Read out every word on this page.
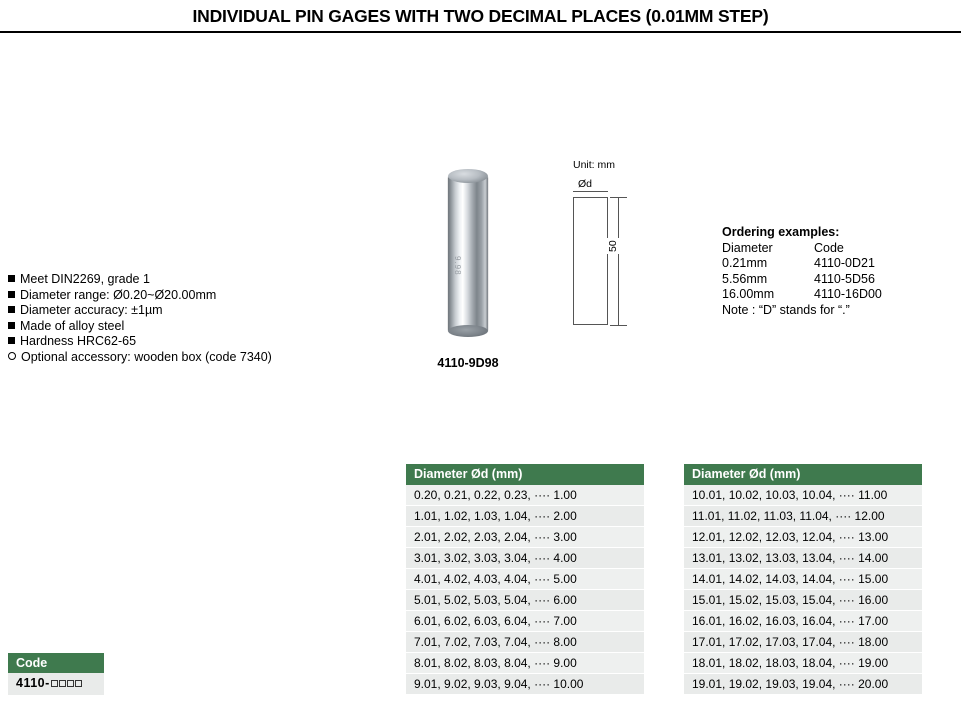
INDIVIDUAL PIN GAGES WITH TWO DECIMAL PLACES (0.01MM STEP)
Meet DIN2269, grade 1
Diameter range: Ø0.20~Ø20.00mm
Diameter accuracy: ±1µm
Made of alloy steel
Hardness HRC62-65
Optional accessory: wooden box (code 7340)
9.98
4110-9D98
Unit: mm
Ød
50
Ordering examples:
Diameter	Code
0.21mm	4110-0D21
5.56mm	4110-5D56
16.00mm	4110-16D00
Note : “D” stands for “.”
Diameter Ød (mm)
0.20, 0.21, 0.22, 0.23, ···· 1.00
1.01, 1.02, 1.03, 1.04, ···· 2.00
2.01, 2.02, 2.03, 2.04, ···· 3.00
3.01, 3.02, 3.03, 3.04, ···· 4.00
4.01, 4.02, 4.03, 4.04, ···· 5.00
5.01, 5.02, 5.03, 5.04, ···· 6.00
6.01, 6.02, 6.03, 6.04, ···· 7.00
7.01, 7.02, 7.03, 7.04, ···· 8.00
8.01, 8.02, 8.03, 8.04, ···· 9.00
9.01, 9.02, 9.03, 9.04, ···· 10.00
Diameter Ød (mm)
10.01, 10.02, 10.03, 10.04, ···· 11.00
11.01, 11.02, 11.03, 11.04, ···· 12.00
12.01, 12.02, 12.03, 12.04, ···· 13.00
13.01, 13.02, 13.03, 13.04, ···· 14.00
14.01, 14.02, 14.03, 14.04, ···· 15.00
15.01, 15.02, 15.03, 15.04, ···· 16.00
16.01, 16.02, 16.03, 16.04, ···· 17.00
17.01, 17.02, 17.03, 17.04, ···· 18.00
18.01, 18.02, 18.03, 18.04, ···· 19.00
19.01, 19.02, 19.03, 19.04, ···· 20.00
Code
4110-
